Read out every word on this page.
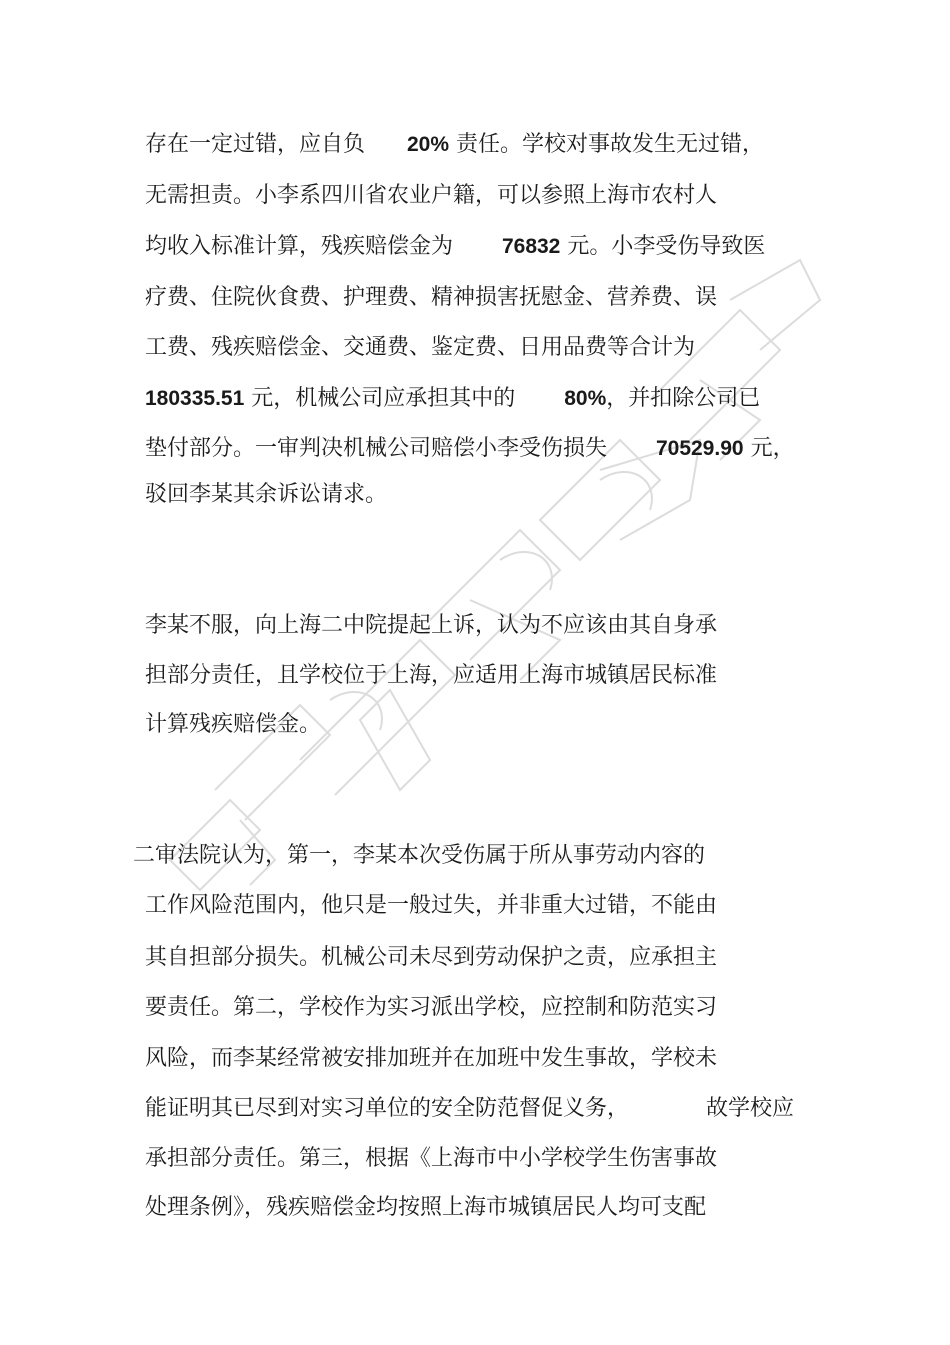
存在一定过错，应自负 20% 责任。学校对事故发生无过错，
无需担责。小李系四川省农业户籍，可以参照上海市农村人
均收入标准计算，残疾赔偿金为 76832 元。小李受伤导致医
疗费、住院伙食费、护理费、精神损害抚慰金、营养费、误
工费、残疾赔偿金、交通费、鉴定费、日用品费等合计为
180335.51 元，机械公司应承担其中的 80%，并扣除公司已
垫付部分。一审判决机械公司赔偿小李受伤损失 70529.90 元，
驳回李某其余诉讼请求。
李某不服，向上海二中院提起上诉，认为不应该由其自身承
担部分责任，且学校位于上海，应适用上海市城镇居民标准
计算残疾赔偿金。
二审法院认为，第一，李某本次受伤属于所从事劳动内容的
工作风险范围内，他只是一般过失，并非重大过错，不能由
其自担部分损失。机械公司未尽到劳动保护之责，应承担主
要责任。第二，学校作为实习派出学校，应控制和防范实习
风险，而李某经常被安排加班并在加班中发生事故，学校未
能证明其已尽到对实习单位的安全防范督促义务，	故学校应
承担部分责任。第三，根据《上海市中小学校学生伤害事故
处理条例》，残疾赔偿金均按照上海市城镇居民人均可支配
